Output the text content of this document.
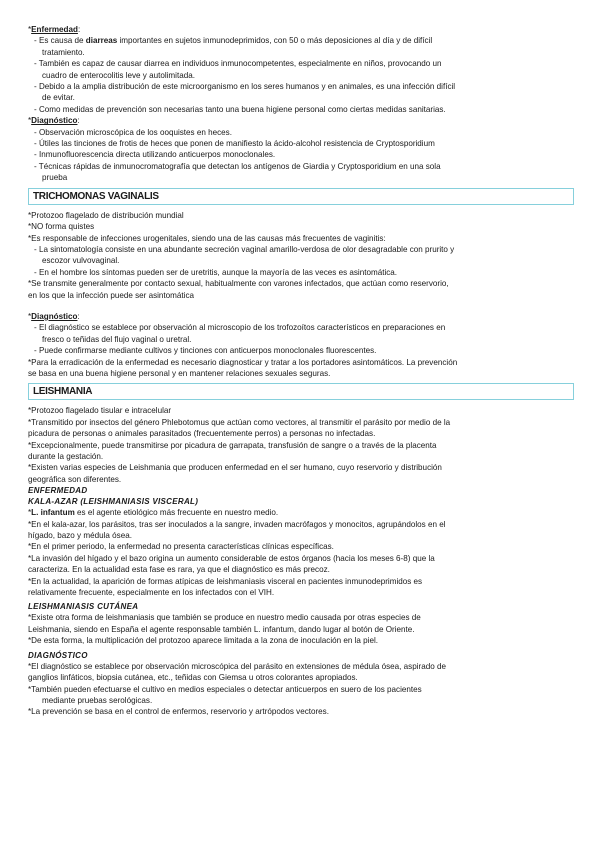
*Enfermedad:

- Es causa de diarreas importantes en sujetos inmunodeprimidos, con 50 o más deposiciones al día y de difícil

tratamiento.

- También es capaz de causar diarrea en individuos inmunocompetentes, especialmente en niños, provocando un

cuadro de enterocolitis leve y autolimitada.

- Debido a la amplia distribución de este microorganismo en los seres humanos y en animales, es una infección difícil

de evitar.

- Como medidas de prevención son necesarias tanto una buena higiene personal como ciertas medidas sanitarias.

*Diagnóstico:

- Observación microscópica de los ooquistes en heces.

- Útiles las tinciones de frotis de heces que ponen de manifiesto la ácido-alcohol resistencia de Cryptosporidium

- Inmunofluorescencia directa utilizando anticuerpos monoclonales.

- Técnicas rápidas de inmunocromatografía que detectan los antígenos de Giardia y Cryptosporidium en una sola

prueba

TRICHOMONAS VAGINALIS

*Protozoo flagelado de distribución mundial

*NO forma quistes

*Es responsable de infecciones urogenitales, siendo una de las causas más frecuentes de vaginitis:

- La sintomatología consiste en una abundante secreción vaginal amarillo-verdosa de olor desagradable con prurito y

escozor vulvovaginal.

- En el hombre los síntomas pueden ser de uretritis, aunque la mayoría de las veces es asintomática.

*Se transmite generalmente por contacto sexual, habitualmente con varones infectados, que actúan como reservorio,

en los que la infección puede ser asintomática

*Diagnóstico:

- El diagnóstico se establece por observación al microscopio de los trofozoítos característicos en preparaciones en

fresco o teñidas del flujo vaginal o uretral.

- Puede confirmarse mediante cultivos y tinciones con anticuerpos monoclonales fluorescentes.

*Para la erradicación de la enfermedad es necesario diagnosticar y tratar a los portadores asintomáticos. La prevención

se basa en una buena higiene personal y en mantener relaciones sexuales seguras.

LEISHMANIA

*Protozoo flagelado tisular e intracelular

*Transmitido por insectos del género Phlebotomus que actúan como vectores, al transmitir el parásito por medio de la

picadura de personas o animales parasitados (frecuentemente perros) a personas no infectadas.

*Excepcionalmente, puede transmitirse por picadura de garrapata, transfusión de sangre o a través de la placenta

durante la gestación.

*Existen varias especies de Leishmania que producen enfermedad en el ser humano, cuyo reservorio y distribución

geográfica son diferentes.

ENFERMEDAD

KALA-AZAR (LEISHMANIASIS VISCERAL)

*L. infantum es el agente etiológico más frecuente en nuestro medio.

*En el kala-azar, los parásitos, tras ser inoculados a la sangre, invaden macrófagos y monocitos, agrupándolos en el

hígado, bazo y médula ósea.

*En el primer periodo, la enfermedad no presenta características clínicas específicas.

*La invasión del hígado y el bazo origina un aumento considerable de estos órganos (hacia los meses 6-8) que la

caracteriza. En la actualidad esta fase es rara, ya que el diagnóstico es más precoz.

*En la actualidad, la aparición de formas atípicas de leishmaniasis visceral en pacientes inmunodeprimidos es

relativamente frecuente, especialmente en los infectados con el VIH.

LEISHMANIASIS CUTÁNEA

*Existe otra forma de leishmaniasis que también se produce en nuestro medio causada por otras especies de

Leishmania, siendo en España el agente responsable también L. infantum, dando lugar al botón de Oriente.

*De esta forma, la multiplicación del protozoo aparece limitada a la zona de inoculación en la piel.

DIAGNÓSTICO

*El diagnóstico se establece por observación microscópica del parásito en extensiones de médula ósea, aspirado de

ganglios linfáticos, biopsia cutánea, etc., teñidas con Giemsa u otros colorantes apropiados.

*También pueden efectuarse el cultivo en medios especiales o detectar anticuerpos en suero de los pacientes

mediante pruebas serológicas.

*La prevención se basa en el control de enfermos, reservorio y artrópodos vectores.
